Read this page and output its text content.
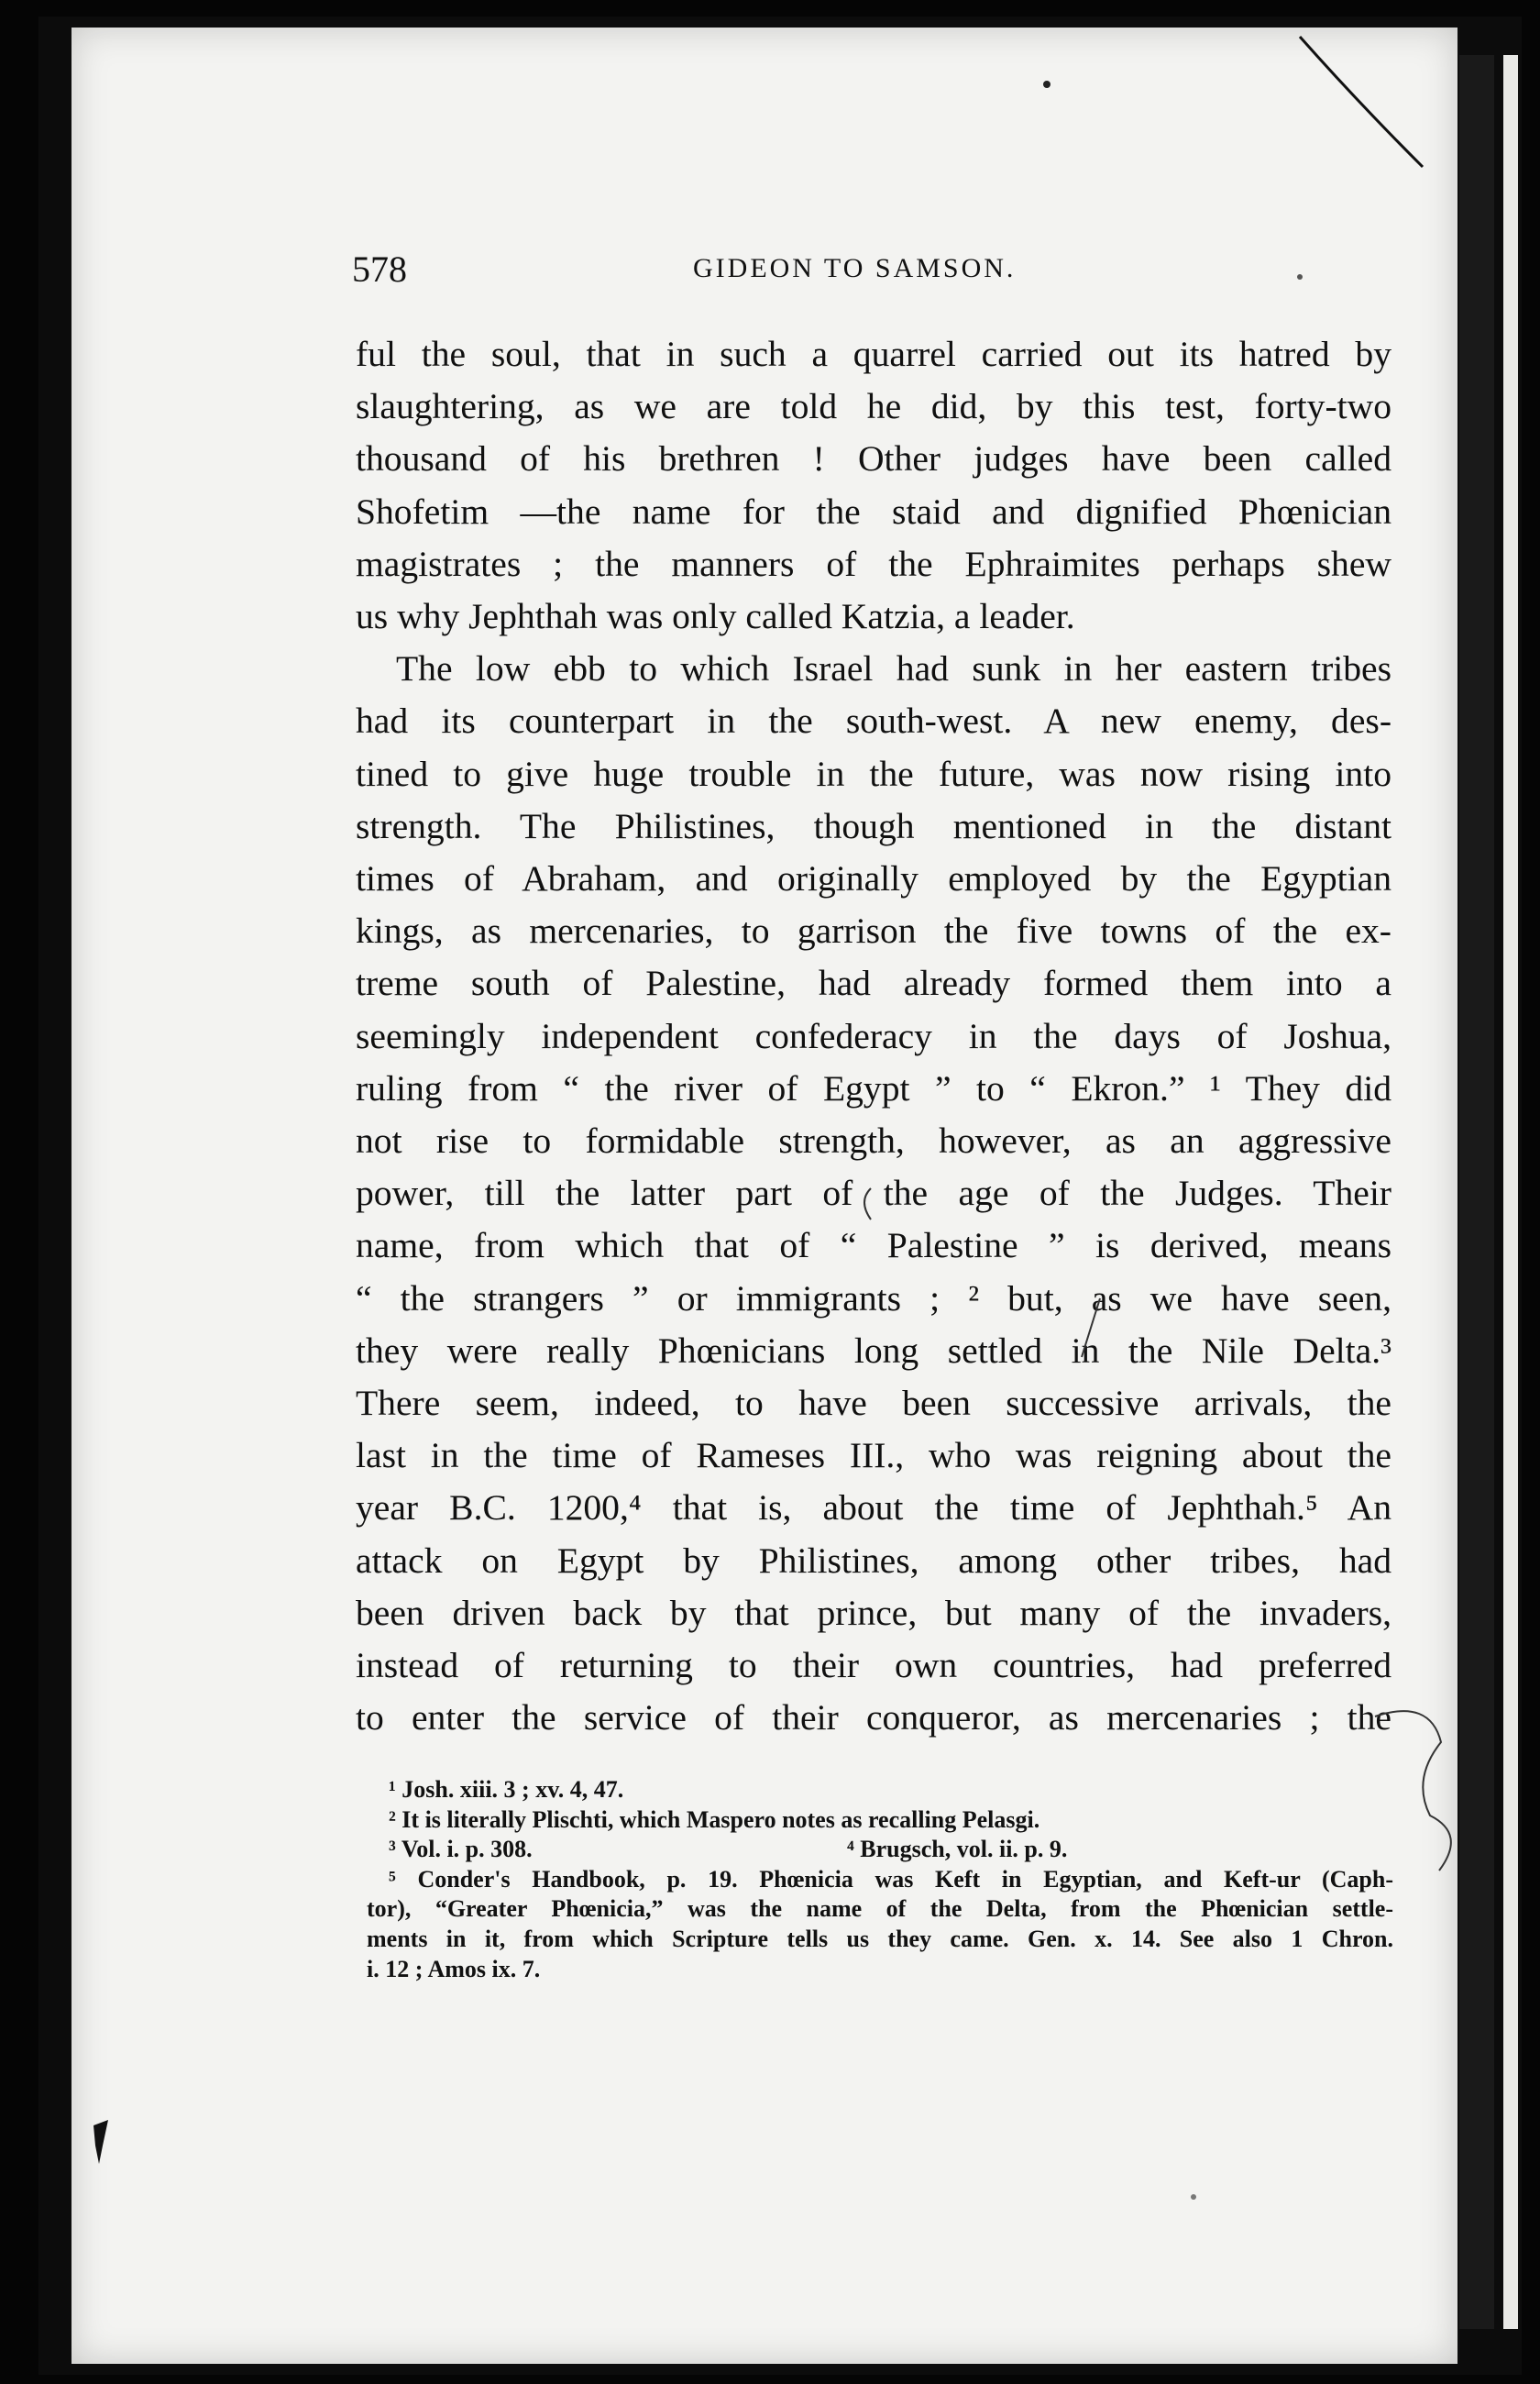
578	GIDEON TO SAMSON.
ful the soul, that in such a quarrel carried out its hatred by
slaughtering, as we are told he did, by this test, forty-two
thousand of his brethren ! Other judges have been called
Shofetim —the name for the staid and dignified Phœnician
magistrates ; the manners of the Ephraimites perhaps shew
us why Jephthah was only called Katzia, a leader.
The low ebb to which Israel had sunk in her eastern tribes
had its counterpart in the south-west. A new enemy, des-
tined to give huge trouble in the future, was now rising into
strength. The Philistines, though mentioned in the distant
times of Abraham, and originally employed by the Egyptian
kings, as mercenaries, to garrison the five towns of the ex-
treme south of Palestine, had already formed them into a
seemingly independent confederacy in the days of Joshua,
ruling from “ the river of Egypt ” to “ Ekron.” ¹ They did
not rise to formidable strength, however, as an aggressive
power, till the latter part of the age of the Judges. Their
name, from which that of “ Palestine ” is derived, means
“ the strangers ” or immigrants ; ² but, as we have seen,
they were really Phœnicians long settled in the Nile Delta.³
There seem, indeed, to have been successive arrivals, the
last in the time of Rameses III., who was reigning about the
year B.C. 1200,⁴ that is, about the time of Jephthah.⁵ An
attack on Egypt by Philistines, among other tribes, had
been driven back by that prince, but many of the invaders,
instead of returning to their own countries, had preferred
to enter the service of their conqueror, as mercenaries ; the
¹ Josh. xiii. 3 ; xv. 4, 47.
² It is literally Plischti, which Maspero notes as recalling Pelasgi.
³ Vol. i. p. 308.	⁴ Brugsch, vol. ii. p. 9.
⁵ Conder's Handbook, p. 19. Phœnicia was Keft in Egyptian, and Keft-ur (Caph-
tor), “Greater Phœnicia,” was the name of the Delta, from the Phœnician settle-
ments in it, from which Scripture tells us they came. Gen. x. 14. See also 1 Chron.
i. 12 ; Amos ix. 7.
